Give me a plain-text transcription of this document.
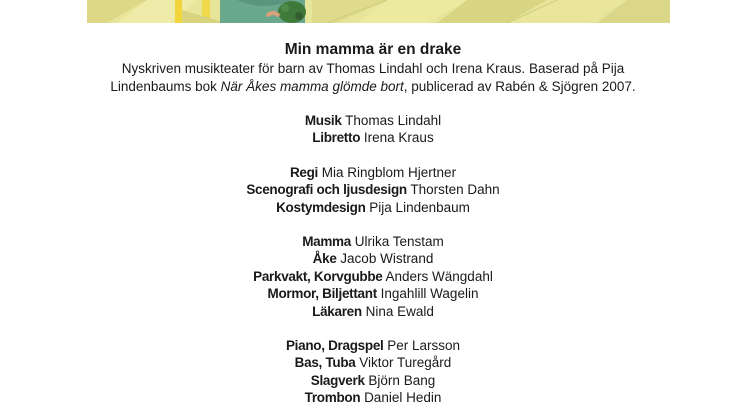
Min mamma är en drake
Nyskriven musikteater för barn av Thomas Lindahl och Irena Kraus. Baserad på Pija
Lindenbaums bok När Åkes mamma glömde bort, publicerad av Rabén & Sjögren 2007.
Musik Thomas Lindahl
Libretto Irena Kraus
Regi Mia Ringblom Hjertner
Scenografi och ljusdesign Thorsten Dahn
Kostymdesign Pija Lindenbaum
Mamma Ulrika Tenstam
Åke Jacob Wistrand
Parkvakt, Korvgubbe Anders Wängdahl
Mormor, Biljettant Ingahlill Wagelin
Läkaren Nina Ewald
Piano, Dragspel Per Larsson
Bas, Tuba Viktor Turegård
Slagverk Björn Bang
Trombon Daniel Hedin
